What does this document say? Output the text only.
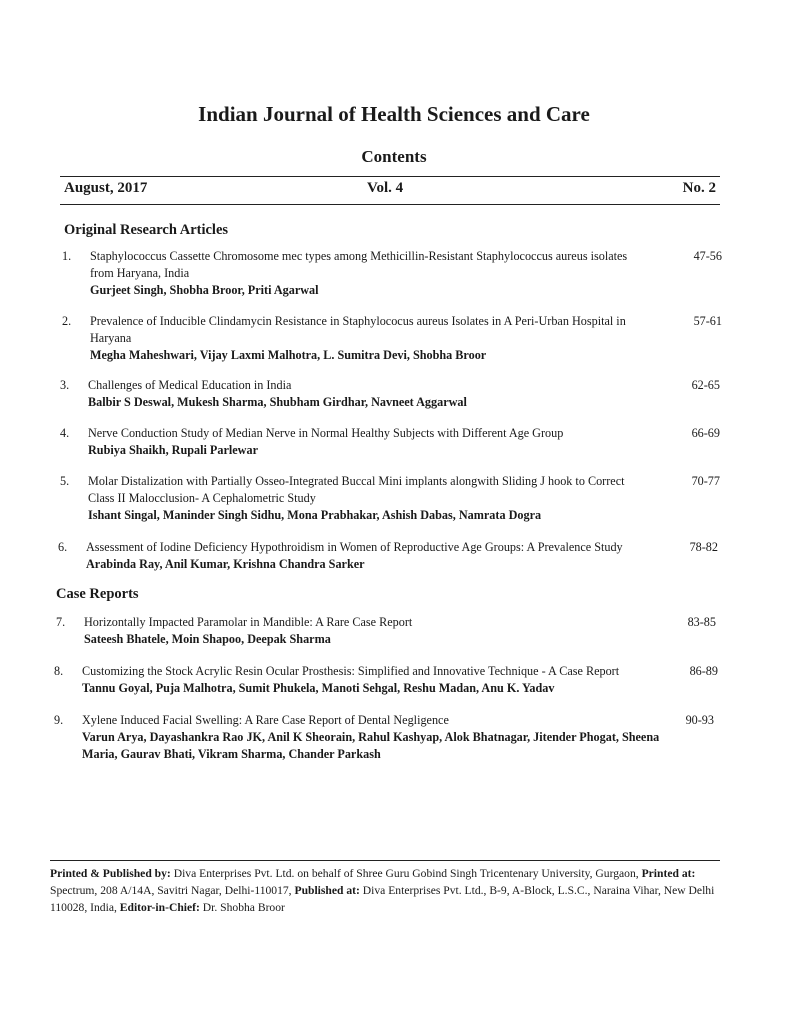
Indian Journal of Health Sciences and Care
Contents
August, 2017	Vol. 4	No. 2
Original Research Articles
1. Staphylococcus Cassette Chromosome mec types among Methicillin-Resistant Staphylococcus aureus isolates from Haryana, India
Gurjeet Singh, Shobha Broor, Priti Agarwal
47-56
2. Prevalence of Inducible Clindamycin Resistance in Staphylococus aureus Isolates in A Peri-Urban Hospital in Haryana
Megha Maheshwari, Vijay Laxmi Malhotra, L. Sumitra Devi, Shobha Broor
57-61
3. Challenges of Medical Education in India
Balbir S Deswal, Mukesh Sharma, Shubham Girdhar, Navneet Aggarwal
62-65
4. Nerve Conduction Study of Median Nerve in Normal Healthy Subjects with Different Age Group
Rubiya Shaikh, Rupali Parlewar
66-69
5. Molar Distalization with Partially Osseo-Integrated Buccal Mini implants alongwith Sliding J hook to Correct Class II Malocclusion- A Cephalometric Study
Ishant Singal, Maninder Singh Sidhu, Mona Prabhakar, Ashish Dabas, Namrata Dogra
70-77
6. Assessment of Iodine Deficiency Hypothroidism in Women of Reproductive Age Groups: A Prevalence Study
Arabinda Ray, Anil Kumar, Krishna Chandra Sarker
78-82
Case Reports
7. Horizontally Impacted Paramolar in Mandible: A Rare Case Report
Sateesh Bhatele, Moin Shapoo, Deepak Sharma
83-85
8. Customizing the Stock Acrylic Resin Ocular Prosthesis: Simplified and Innovative Technique - A Case Report
Tannu Goyal, Puja Malhotra, Sumit Phukela, Manoti Sehgal, Reshu Madan, Anu K. Yadav
86-89
9. Xylene Induced Facial Swelling: A Rare Case Report of Dental Negligence
Varun Arya, Dayashankra Rao JK, Anil K Sheorain, Rahul Kashyap, Alok Bhatnagar, Jitender Phogat, Sheena Maria, Gaurav Bhati, Vikram Sharma, Chander Parkash
90-93
Printed & Published by: Diva Enterprises Pvt. Ltd. on behalf of Shree Guru Gobind Singh Tricentenary University, Gurgaon, Printed at: Spectrum, 208 A/14A, Savitri Nagar, Delhi-110017, Published at: Diva Enterprises Pvt. Ltd., B-9, A-Block, L.S.C., Naraina Vihar, New Delhi 110028, India, Editor-in-Chief: Dr. Shobha Broor
